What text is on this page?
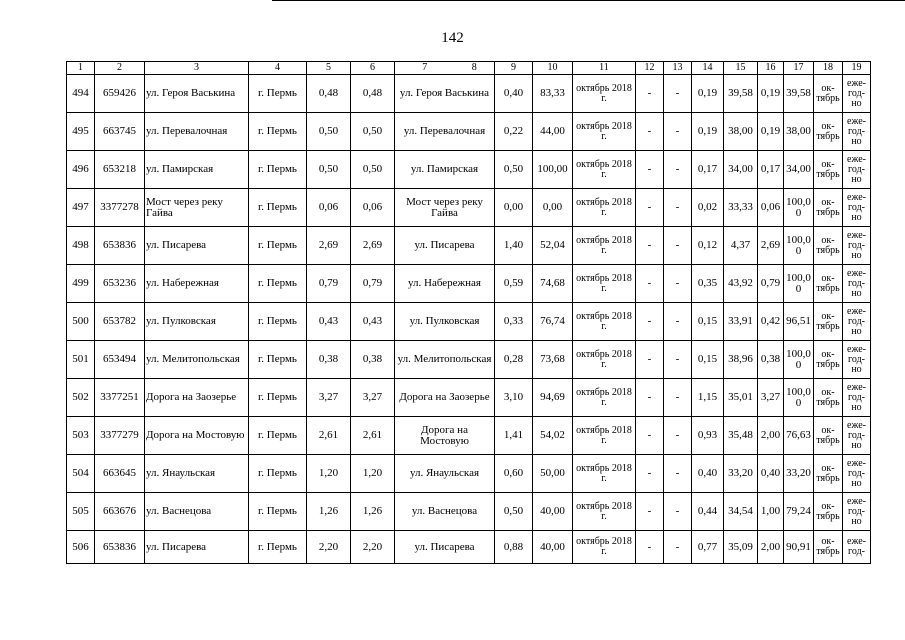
142
1	2	3	4	5	6	7	8	9	10	11	12	13	14	15	16	17	18	19
494	659426	ул. Героя Васькина	г. Пермь	0,48	0,48	ул. Героя Васькина		0,40	83,33	октябрь 2018 г.	-	-	0,19	39,58	0,19	39,58	ок-тябрь	еже-год-но
495	663745	ул. Перевалочная	г. Пермь	0,50	0,50	ул. Перевалочная		0,22	44,00	октябрь 2018 г.	-	-	0,19	38,00	0,19	38,00	ок-тябрь	еже-год-но
496	653218	ул. Памирская	г. Пермь	0,50	0,50	ул. Памирская		0,50	100,00	октябрь 2018 г.	-	-	0,17	34,00	0,17	34,00	ок-тябрь	еже-год-но
497	3377278	Мост через реку Гайва	г. Пермь	0,06	0,06	Мост через реку Гайва		0,00	0,00	октябрь 2018 г.	-	-	0,02	33,33	0,06	100,0 0	ок-тябрь	еже-год-но
498	653836	ул. Писарева	г. Пермь	2,69	2,69	ул. Писарева		1,40	52,04	октябрь 2018 г.	-	-	0,12	4,37	2,69	100,0 0	ок-тябрь	еже-год-но
499	653236	ул. Набережная	г. Пермь	0,79	0,79	ул. Набережная		0,59	74,68	октябрь 2018 г.	-	-	0,35	43,92	0,79	100,0 0	ок-тябрь	еже-год-но
500	653782	ул. Пулковская	г. Пермь	0,43	0,43	ул. Пулковская		0,33	76,74	октябрь 2018 г.	-	-	0,15	33,91	0,42	96,51	ок-тябрь	еже-год-но
501	653494	ул. Мелитопольская	г. Пермь	0,38	0,38	ул. Мелитопольская		0,28	73,68	октябрь 2018 г.	-	-	0,15	38,96	0,38	100,0 0	ок-тябрь	еже-год-но
502	3377251	Дорога на Заозерье	г. Пермь	3,27	3,27	Дорога на Заозерье		3,10	94,69	октябрь 2018 г.	-	-	1,15	35,01	3,27	100,0 0	ок-тябрь	еже-год-но
503	3377279	Дорога на Мостовую	г. Пермь	2,61	2,61	Дорога на Мостовую		1,41	54,02	октябрь 2018 г.	-	-	0,93	35,48	2,00	76,63	ок-тябрь	еже-год-но
504	663645	ул. Янаульская	г. Пермь	1,20	1,20	ул. Янаульская		0,60	50,00	октябрь 2018 г.	-	-	0,40	33,20	0,40	33,20	ок-тябрь	еже-год-но
505	663676	ул. Васнецова	г. Пермь	1,26	1,26	ул. Васнецова		0,50	40,00	октябрь 2018 г.	-	-	0,44	34,54	1,00	79,24	ок-тябрь	еже-год-но
506	653836	ул. Писарева	г. Пермь	2,20	2,20	ул. Писарева		0,88	40,00	октябрь 2018 г.	-	-	0,77	35,09	2,00	90,91	ок-тябрь	еже-год-
